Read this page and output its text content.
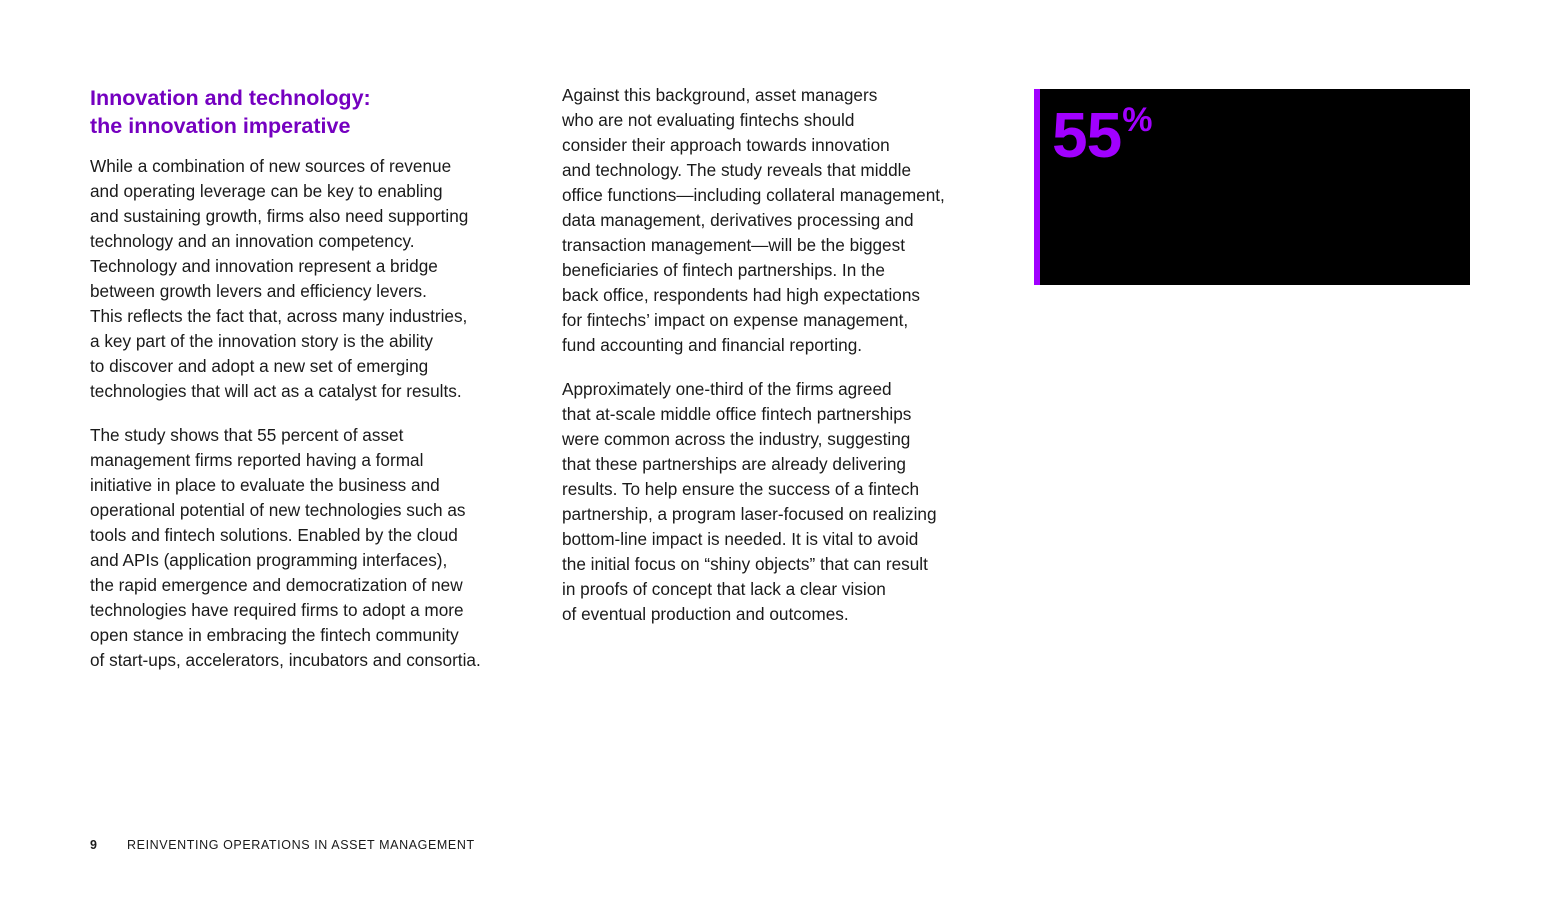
Innovation and technology:
the innovation imperative

While a combination of new sources of revenue
and operating leverage can be key to enabling
and sustaining growth, firms also need supporting
technology and an innovation competency.
Technology and innovation represent a bridge
between growth levers and efficiency levers.
This reflects the fact that, across many industries,
a key part of the innovation story is the ability
to discover and adopt a new set of emerging
technologies that will act as a catalyst for results.

The study shows that 55 percent of asset
management firms reported having a formal
initiative in place to evaluate the business and
operational potential of new technologies such as
tools and fintech solutions. Enabled by the cloud
and APIs (application programming interfaces),
the rapid emergence and democratization of new
technologies have required firms to adopt a more
open stance in embracing the fintech community
of start-ups, accelerators, incubators and consortia.

Against this background, asset managers
who are not evaluating fintechs should
consider their approach towards innovation
and technology. The study reveals that middle
office functions—including collateral management,
data management, derivatives processing and
transaction management—will be the biggest
beneficiaries of fintech partnerships. In the
back office, respondents had high expectations
for fintechs’ impact on expense management,
fund accounting and financial reporting.

Approximately one-third of the firms agreed
that at-scale middle office fintech partnerships
were common across the industry, suggesting
that these partnerships are already delivering
results. To help ensure the success of a fintech
partnership, a program laser-focused on realizing
bottom-line impact is needed. It is vital to avoid
the initial focus on “shiny objects” that can result
in proofs of concept that lack a clear vision
of eventual production and outcomes.

55%
9 REINVENTING OPERATIONS IN ASSET MANAGEMENT
